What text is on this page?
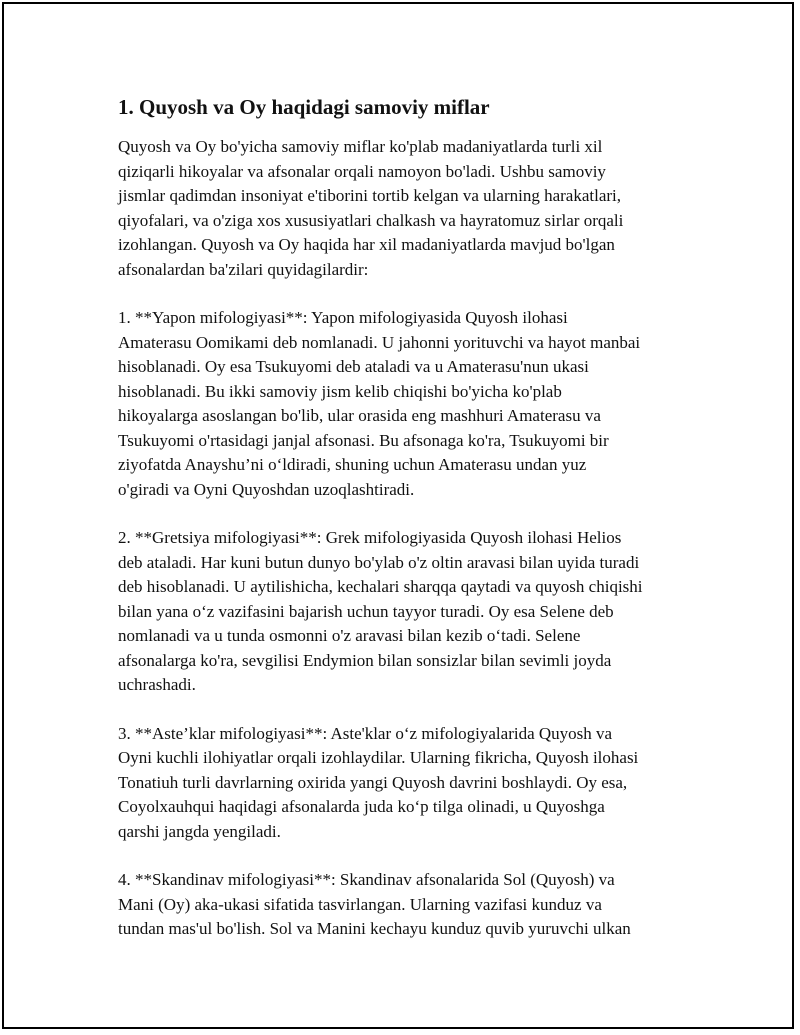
1. Quyosh va Oy haqidagi samoviy miflar

Quyosh va Oy bo'yicha samoviy miflar ko'plab madaniyatlarda turli xil
qiziqarli hikoyalar va afsonalar orqali namoyon bo'ladi. Ushbu samoviy
jismlar qadimdan insoniyat e'tiborini tortib kelgan va ularning harakatlari,
qiyofalari, va o'ziga xos xususiyatlari chalkash va hayratomuz sirlar orqali
izohlangan. Quyosh va Oy haqida har xil madaniyatlarda mavjud bo'lgan
afsonalardan ba'zilari quyidagilardir:

1. **Yapon mifologiyasi**: Yapon mifologiyasida Quyosh ilohasi
Amaterasu Oomikami deb nomlanadi. U jahonni yorituvchi va hayot manbai
hisoblanadi. Oy esa Tsukuyomi deb ataladi va u Amaterasu'nun ukasi
hisoblanadi. Bu ikki samoviy jism kelib chiqishi bo'yicha ko'plab
hikoyalarga asoslangan bo'lib, ular orasida eng mashhuri Amaterasu va
Tsukuyomi o'rtasidagi janjal afsonasi. Bu afsonaga ko'ra, Tsukuyomi bir
ziyofatda Anayshu’ni o‘ldiradi, shuning uchun Amaterasu undan yuz
o'giradi va Oyni Quyoshdan uzoqlashtiradi.

2. **Gretsiya mifologiyasi**: Grek mifologiyasida Quyosh ilohasi Helios
deb ataladi. Har kuni butun dunyo bo'ylab o'z oltin aravasi bilan uyida turadi
deb hisoblanadi. U aytilishicha, kechalari sharqqa qaytadi va quyosh chiqishi
bilan yana o‘z vazifasini bajarish uchun tayyor turadi. Oy esa Selene deb
nomlanadi va u tunda osmonni o'z aravasi bilan kezib o‘tadi. Selene
afsonalarga ko'ra, sevgilisi Endymion bilan sonsizlar bilan sevimli joyda
uchrashadi.

3. **Aste’klar mifologiyasi**: Aste'klar o‘z mifologiyalarida Quyosh va
Oyni kuchli ilohiyatlar orqali izohlaydilar. Ularning fikricha, Quyosh ilohasi
Tonatiuh turli davrlarning oxirida yangi Quyosh davrini boshlaydi. Oy esa,
Coyolxauhqui haqidagi afsonalarda juda ko‘p tilga olinadi, u Quyoshga
qarshi jangda yengiladi.

4. **Skandinav mifologiyasi**: Skandinav afsonalarida Sol (Quyosh) va
Mani (Oy) aka-ukasi sifatida tasvirlangan. Ularning vazifasi kunduz va
tundan mas'ul bo'lish. Sol va Manini kechayu kunduz quvib yuruvchi ulkan
